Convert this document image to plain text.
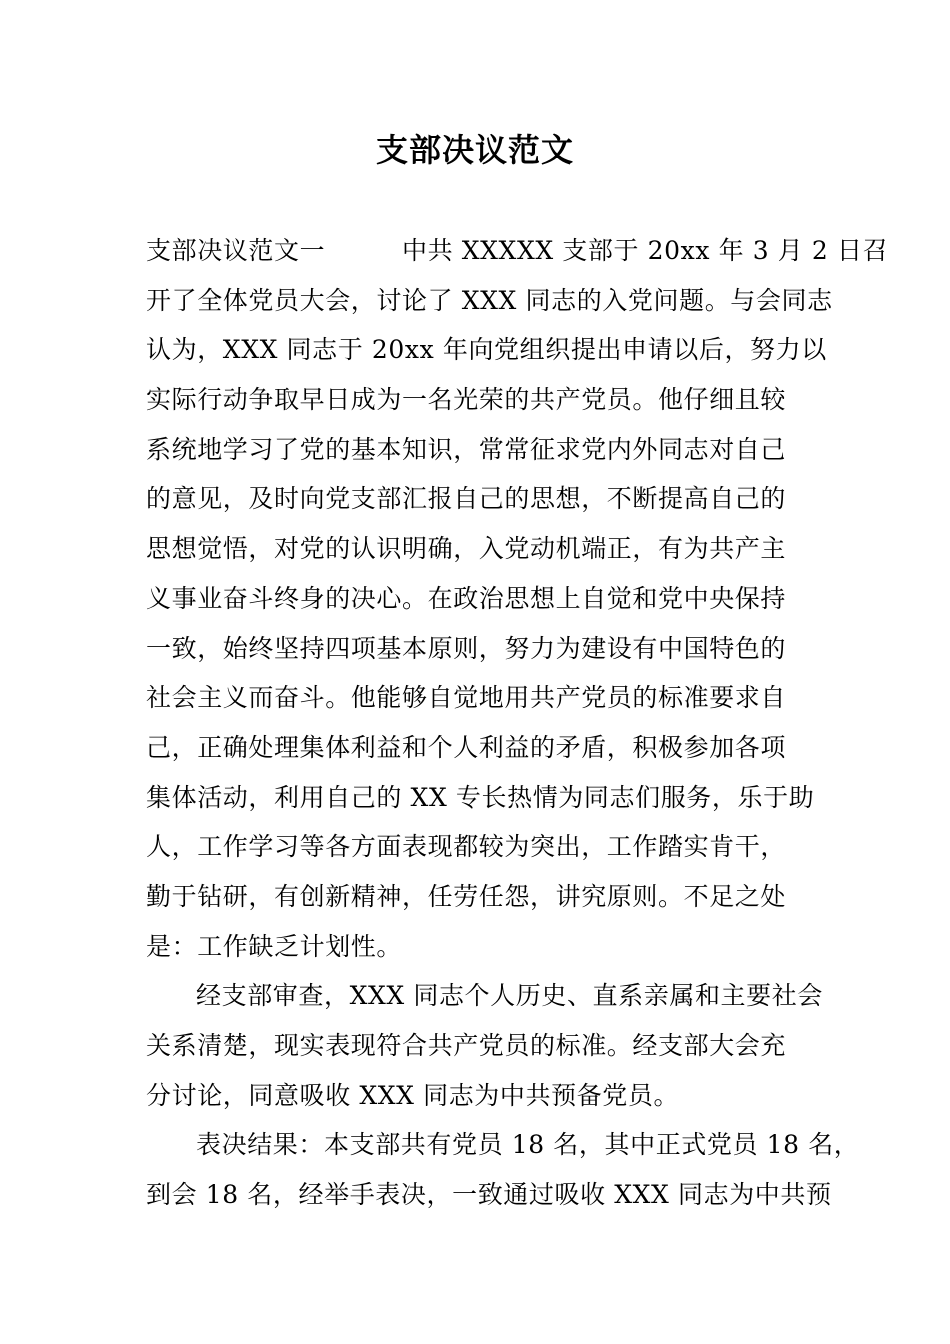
支部决议范文
支部决议范文一　　　中共 XXXXX 支部于 20xx 年 3 月 2 日召
开了全体党员大会，讨论了 XXX 同志的入党问题。与会同志
认为，XXX 同志于 20xx 年向党组织提出申请以后，努力以
实际行动争取早日成为一名光荣的共产党员。他仔细且较
系统地学习了党的基本知识，常常征求党内外同志对自己
的意见，及时向党支部汇报自己的思想，不断提高自己的
思想觉悟，对党的认识明确，入党动机端正，有为共产主
义事业奋斗终身的决心。在政治思想上自觉和党中央保持
一致，始终坚持四项基本原则，努力为建设有中国特色的
社会主义而奋斗。他能够自觉地用共产党员的标准要求自
己，正确处理集体利益和个人利益的矛盾，积极参加各项
集体活动，利用自己的 XX 专长热情为同志们服务，乐于助
人，工作学习等各方面表现都较为突出，工作踏实肯干，
勤于钻研，有创新精神，任劳任怨，讲究原则。不足之处
是：工作缺乏计划性。
经支部审查，XXX 同志个人历史、直系亲属和主要社会
关系清楚，现实表现符合共产党员的标准。经支部大会充
分讨论，同意吸收 XXX 同志为中共预备党员。
表决结果：本支部共有党员 18 名，其中正式党员 18 名，
到会 18 名，经举手表决，一致通过吸收 XXX 同志为中共预
